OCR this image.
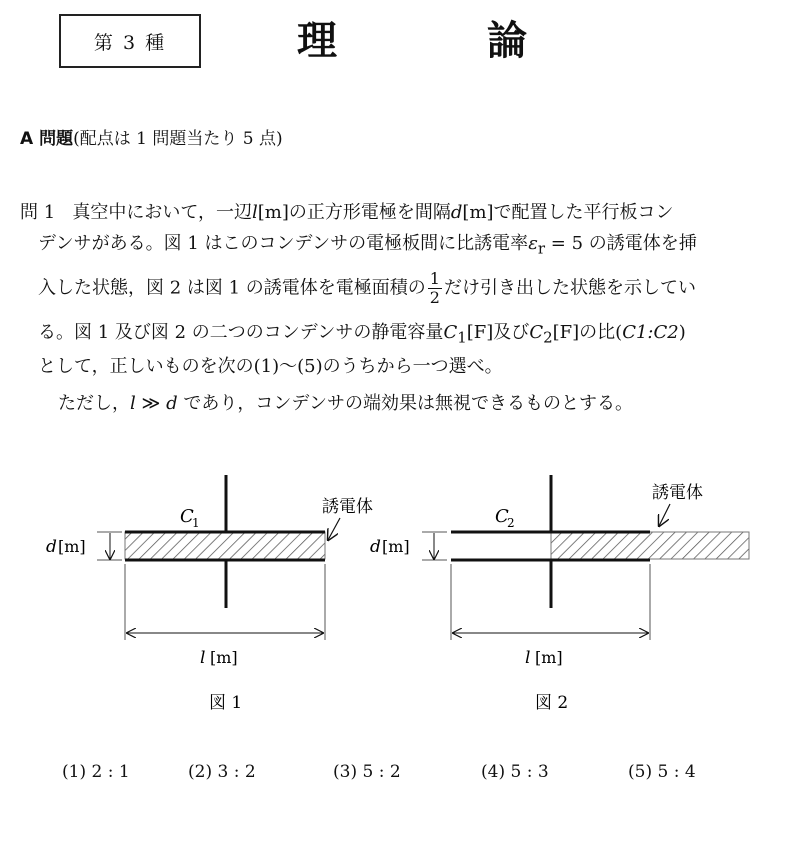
第 3 種	理	論
A 問題(配点は 1 問題当たり 5 点)
問 1 真空中において，一辺l[m]の正方形電極を間隔d[m]で配置した平行板コン
デンサがある。図 1 はこのコンデンサの電極板間に比誘電率$\varepsilon_r = 5$ の誘電体を挿
入した状態，図 2 は図 1 の誘電体を電極面積の $\frac{1}{2}$ だけ引き出した状態を示してい
る。図 1 及び図 2 の二つのコンデンサの静電容量$C_1[F]$及び$C_2[F]$の比(C1:C2)
として，正しいものを次の(1)～(5)のうちから一つ選べ。
ただし，l ≫ d であり，コンデンサの端効果は無視できるものとする。
C
1
誘電体
d [m]
l [m]
図 1
C
2
誘電体
d [m]
l [m]
図 2
(1) 2 : 1	(2) 3 : 2	(3) 5 : 2	(4) 5 : 3	(5) 5 : 4
